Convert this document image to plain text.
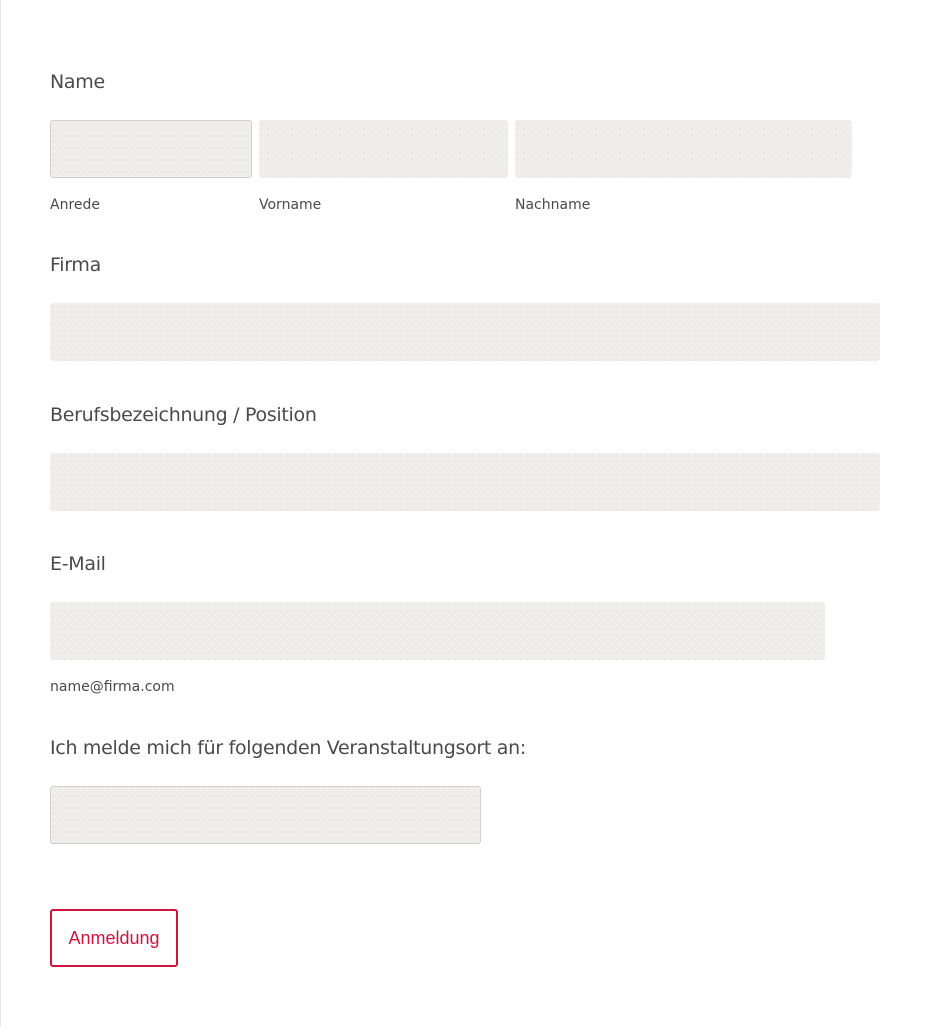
Name
Anrede	Vorname	Nachname
Firma
Berufsbezeichnung / Position
E-Mail
name@firma.com
Ich melde mich für folgenden Veranstaltungsort an:
Anmeldung
